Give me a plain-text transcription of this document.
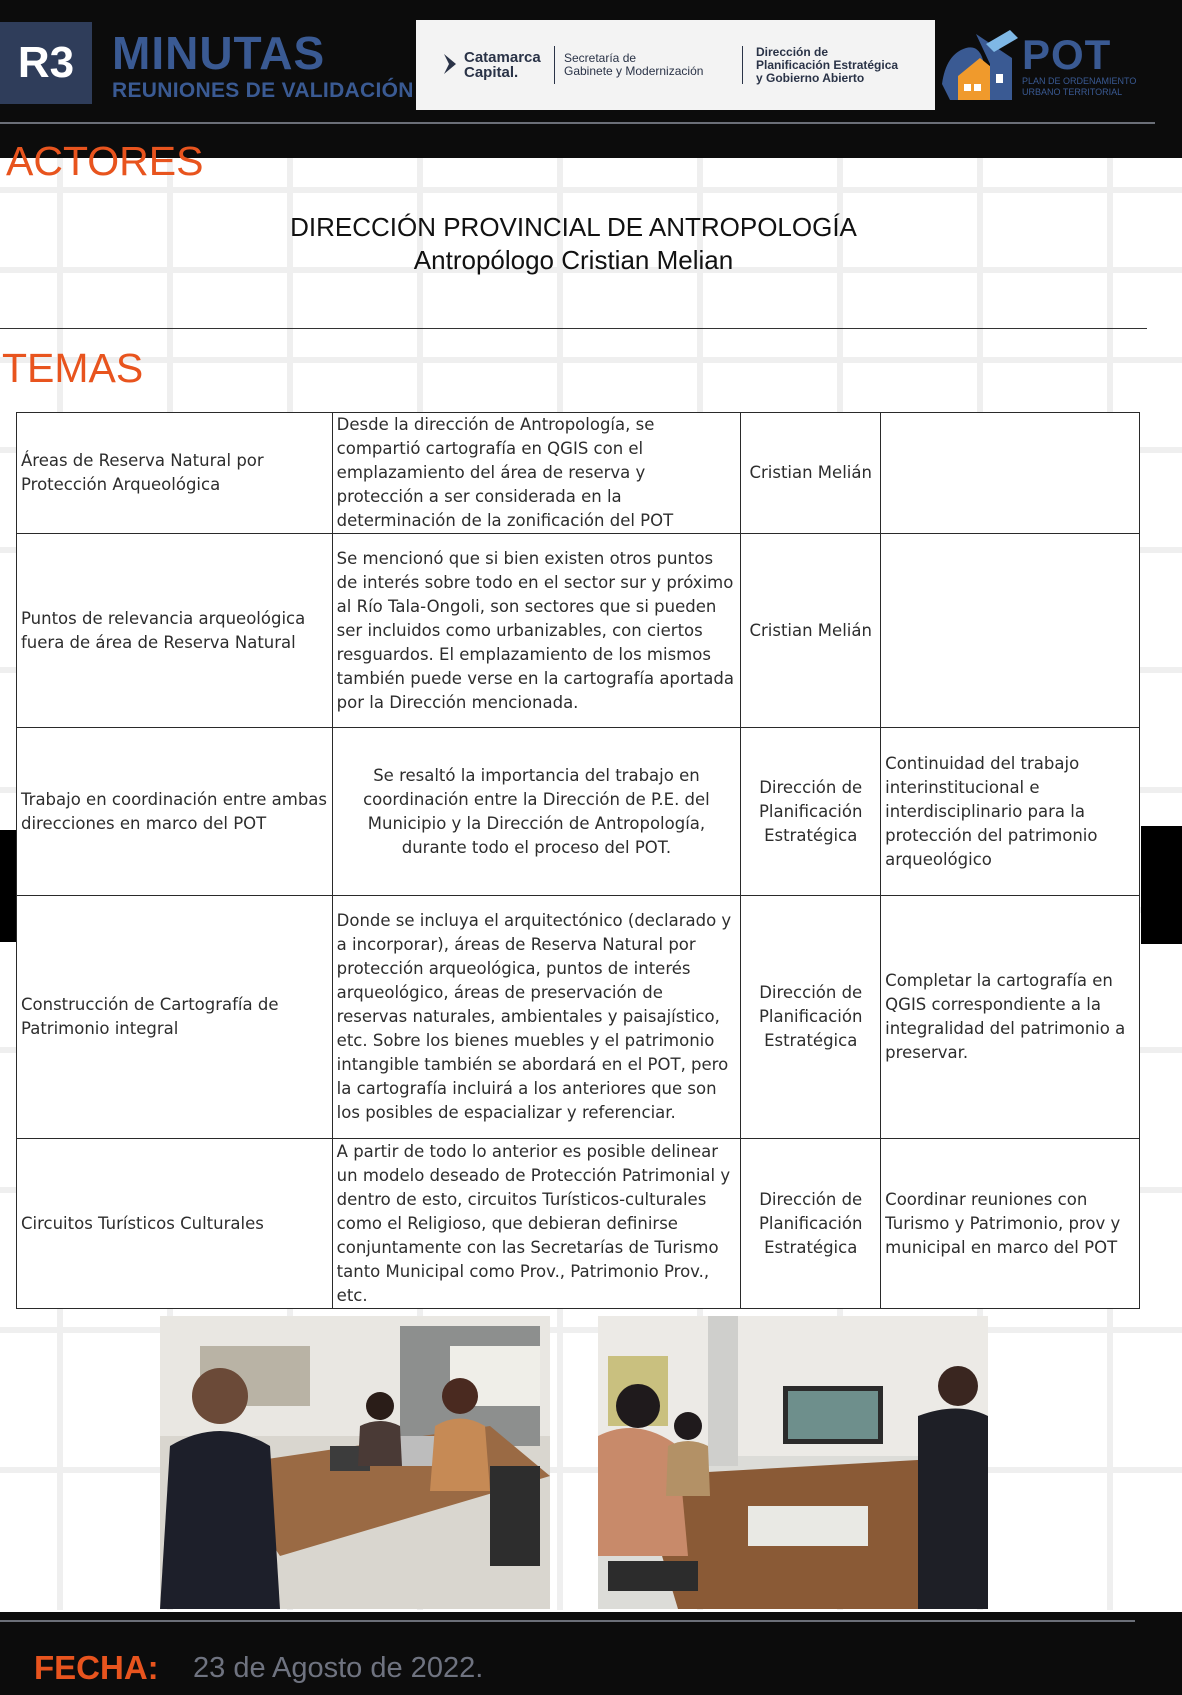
R3 MINUTAS
REUNIONES DE VALIDACIÓN
Catamarca
Capital.
Secretaría de
Gabinete y Modernización
Dirección de
Planificación Estratégica
y Gobierno Abierto	POT
PLAN DE ORDENAMIENTO
URBANO TERRITORIAL
ACTORES
DIRECCIÓN PROVINCIAL DE ANTROPOLOGÍA
Antropólogo Cristian Melian
TEMAS
Áreas de Reserva Natural por Protección Arqueológica	Desde la dirección de Antropología, se compartió cartografía en QGIS con el emplazamiento del área de reserva y protección a ser considerada en la determinación de la zonificación del POT	Cristian Melián	
Puntos de relevancia arqueológica fuera de área de Reserva Natural	Se mencionó que si bien existen otros puntos de interés sobre todo en el sector sur y próximo al Río Tala-Ongoli, son sectores que si pueden ser incluidos como urbanizables, con ciertos resguardos. El emplazamiento de los mismos también puede verse en la cartografía aportada por la Dirección mencionada.	Cristian Melián	
Trabajo en coordinación entre ambas direcciones en marco del POT	Se resaltó la importancia del trabajo en coordinación entre la Dirección de P.E. del Municipio y la Dirección de Antropología, durante todo el proceso del POT.	Dirección de Planificación Estratégica	Continuidad del trabajo interinstitucional e interdisciplinario para la protección del patrimonio arqueológico
Construcción de Cartografía de Patrimonio integral	Donde se incluya el arquitectónico (declarado y a incorporar), áreas de Reserva Natural por protección arqueológica, puntos de interés arqueológico, áreas de preservación de reservas naturales, ambientales y paisajístico, etc. Sobre los bienes muebles y el patrimonio intangible también se abordará en el POT, pero la cartografía incluirá a los anteriores que son los posibles de espacializar y referenciar.	Dirección de Planificación Estratégica	Completar la cartografía en QGIS correspondiente a la integralidad del patrimonio a preservar.
Circuitos Turísticos Culturales	A partir de todo lo anterior es posible delinear un modelo deseado de Protección Patrimonial y dentro de esto, circuitos Turísticos-culturales como el Religioso, que debieran definirse conjuntamente con las Secretarías de Turismo tanto Municipal como Prov., Patrimonio Prov., etc.	Dirección de Planificación Estratégica	Coordinar reuniones con Turismo y Patrimonio, prov y municipal en marco del POT
FECHA: 23 de Agosto de 2022.
